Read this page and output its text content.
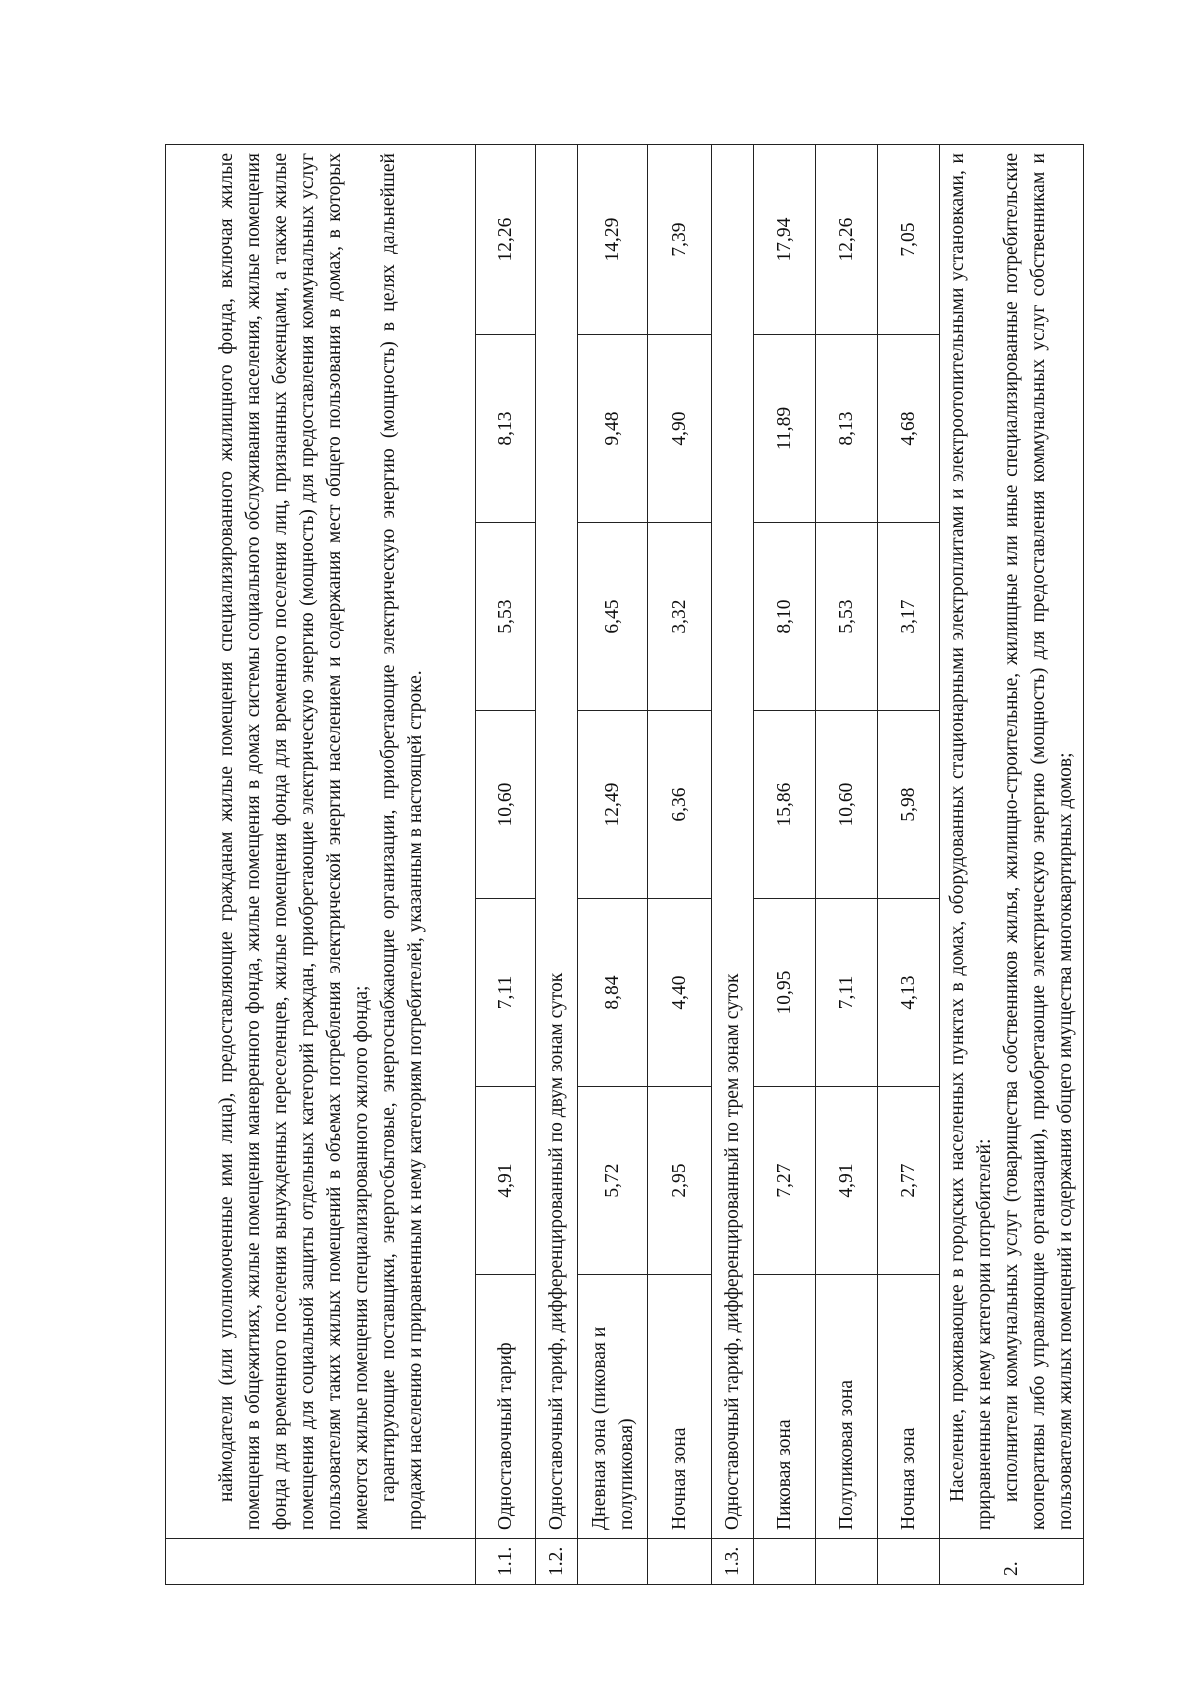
	наймодатели (или уполномоченные ими лица), предоставляющие гражданам жилые помещения специализированного жилищного фонда, включая жилые помещения в общежитиях, жилые помещения маневренного фонда, жилые помещения в домах системы социального обслуживания населения, жилые помещения фонда для временного поселения вынужденных переселенцев, жилые помещения фонда для временного поселения лиц, признанных беженцами, а также жилые помещения для социальной защиты отдельных категорий граждан, приобретающие электрическую энергию (мощность) для предоставления коммунальных услуг пользователям таких жилых помещений в объемах потребления электрической энергии населением и содержания мест общего пользования в домах, в которых имеются жилые помещения специализированного жилого фонда; гарантирующие поставщики, энергосбытовые, энергоснабжающие организации, приобретающие электрическую энергию (мощность) в целях дальнейшей продажи населению и приравненным к нему категориям потребителей, указанным в настоящей строке.						

1.1.	Одноставочный тариф	4,91	7,11	10,60	5,53	8,13	12,26
1.2.	Одноставочный тариф, дифференцированный по двум зонам суток						
	Дневная зона (пиковая и полупиковая)	5,72	8,84	12,49	6,45	9,48	14,29
	Ночная зона	2,95	4,40	6,36	3,32	4,90	7,39
1.3.	Одноставочный тариф, дифференцированный по трем зонам суток						
	Пиковая зона	7,27	10,95	15,86	8,10	11,89	17,94
	Полупиковая зона	4,91	7,11	10,60	5,53	8,13	12,26
	Ночная зона	2,77	4,13	5,98	3,17	4,68	7,05
2.	Население, проживающее в городских населенных пунктах в домах, оборудованных стационарными электроплитами и электроотопительными установками, и приравненные к нему категории потребителей: исполнители коммунальных услуг (товарищества собственников жилья, жилищно-строительные, жилищные или иные специализированные потребительские кооперативы либо управляющие организации), приобретающие электрическую энергию (мощность) для предоставления коммунальных услуг собственникам и пользователям жилых помещений и содержания общего имущества многоквартирных домов;						
